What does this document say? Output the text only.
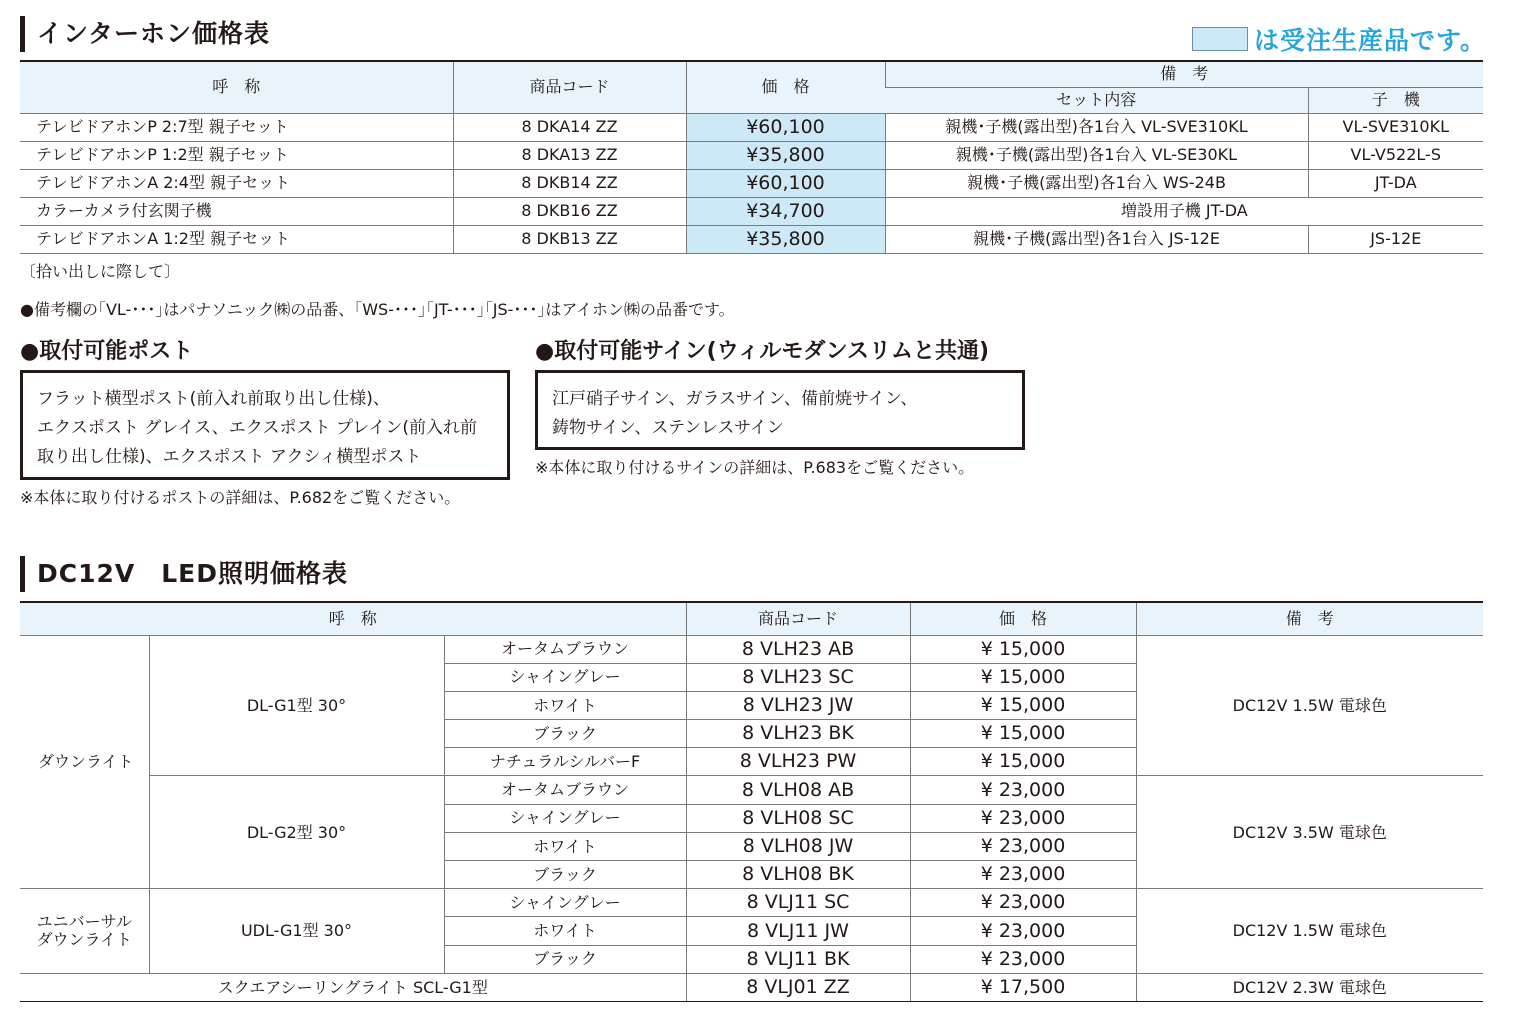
インターホン価格表	は受注生産品です。
呼　称	商品コード	価　格	備　考	
			セット内容	子　機
テレビドアホンP 2:7型 親子セット	8 DKA14 ZZ	¥60,100	親機･子機(露出型)各1台入 VL-SVE310KL	VL-SVE310KL
テレビドアホンP 1:2型 親子セット	8 DKA13 ZZ	¥35,800	親機･子機(露出型)各1台入 VL-SE30KL	VL-V522L-S
テレビドアホンA 2:4型 親子セット	8 DKB14 ZZ	¥60,100	親機･子機(露出型)各1台入 WS-24B	JT-DA
カラーカメラ付玄関子機	8 DKB16 ZZ	¥34,700	増設用子機 JT-DA	
テレビドアホンA 1:2型 親子セット	8 DKB13 ZZ	¥35,800	親機･子機(露出型)各1台入 JS-12E	JS-12E
〔拾い出しに際して〕
●備考欄の｢VL-･･･｣はパナソニック㈱の品番、｢WS-･･･｣｢JT-･･･｣｢JS-･･･｣はアイホン㈱の品番です。
●取付可能ポスト
フラット横型ポスト(前入れ前取り出し仕様)、
エクスポスト グレイス、エクスポスト プレイン(前入れ前
取り出し仕様)、エクスポスト アクシィ横型ポスト
※本体に取り付けるポストの詳細は、P.682をご覧ください。
●取付可能サイン(ウィルモダンスリムと共通)
江戸硝子サイン、ガラスサイン、備前焼サイン、
鋳物サイン、ステンレスサイン
※本体に取り付けるサインの詳細は、P.683をご覧ください。
DC12V　LED照明価格表
呼　称			商品コード	価　格	備　考
ダウンライト	DL-G1型 30°	オータムブラウン	8 VLH23 AB	¥ 15,000	DC12V 1.5W 電球色
		シャイングレー	8 VLH23 SC	¥ 15,000	
		ホワイト	8 VLH23 JW	¥ 15,000	
		ブラック	8 VLH23 BK	¥ 15,000	
		ナチュラルシルバーF	8 VLH23 PW	¥ 15,000	
	DL-G2型 30°	オータムブラウン	8 VLH08 AB	¥ 23,000	DC12V 3.5W 電球色
		シャイングレー	8 VLH08 SC	¥ 23,000	
		ホワイト	8 VLH08 JW	¥ 23,000	
		ブラック	8 VLH08 BK	¥ 23,000	
ユニバーサル
ダウンライト	UDL-G1型 30°	シャイングレー	8 VLJ11 SC	¥ 23,000	DC12V 1.5W 電球色
		ホワイト	8 VLJ11 JW	¥ 23,000	
		ブラック	8 VLJ11 BK	¥ 23,000	
スクエアシーリングライト SCL-G1型			8 VLJ01 ZZ	¥ 17,500	DC12V 2.3W 電球色
